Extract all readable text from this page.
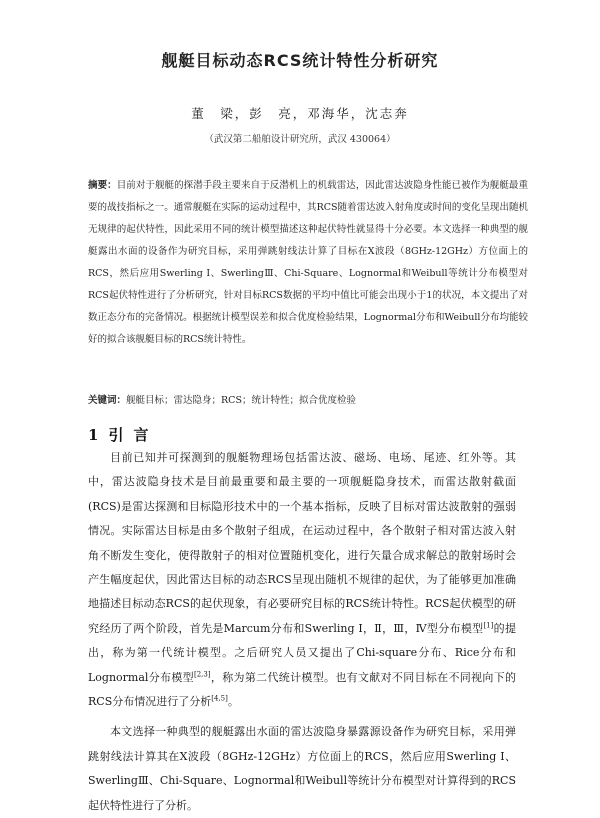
舰艇目标动态RCS统计特性分析研究
董　梁，彭　亮，邓海华，沈志奔
（武汉第二船舶设计研究所，武汉 430064）
摘要：目前对于舰艇的探潜手段主要来自于反潜机上的机载雷达，因此雷达波隐身性能已被作为舰艇最重要的战技指标之一。通常舰艇在实际的运动过程中，其RCS随着雷达波入射角度或时间的变化呈现出随机无规律的起伏特性，因此采用不同的统计模型描述这种起伏特性就显得十分必要。本文选择一种典型的舰艇露出水面的设备作为研究目标，采用弹跳射线法计算了目标在X波段（8GHz-12GHz）方位面上的RCS，然后应用Swerling Ⅰ、SwerlingⅢ、Chi-Square、Lognormal和Weibull等统计分布模型对RCS起伏特性进行了分析研究，针对目标RCS数据的平均中值比可能会出现小于1的状况，本文提出了对数正态分布的完备情况。根据统计模型误差和拟合优度检验结果，Lognormal分布和Weibull分布均能较好的拟合该舰艇目标的RCS统计特性。
关键词：舰艇目标；雷达隐身；RCS；统计特性；拟合优度检验
1 引言

目前已知并可探测到的舰艇物理场包括雷达波、磁场、电场、尾迹、红外等。其中，雷达波隐身技术是目前最重要和最主要的一项舰艇隐身技术，而雷达散射截面(RCS)是雷达探测和目标隐形技术中的一个基本指标，反映了目标对雷达波散射的强弱情况。实际雷达目标是由多个散射子组成，在运动过程中，各个散射子相对雷达波入射角不断发生变化，使得散射子的相对位置随机变化，进行矢量合成求解总的散射场时会产生幅度起伏，因此雷达目标的动态RCS呈现出随机不规律的起伏，为了能够更加准确地描述目标动态RCS的起伏现象，有必要研究目标的RCS统计特性。RCS起伏模型的研究经历了两个阶段，首先是Marcum分布和Swerling Ⅰ，Ⅱ，Ⅲ，Ⅳ型分布模型[1]的提出，称为第一代统计模型。之后研究人员又提出了Chi-square分布、Rice分布和Lognormal分布模型[2,3]，称为第二代统计模型。也有文献对不同目标在不同视向下的RCS分布情况进行了分析[4,5]。

本文选择一种典型的舰艇露出水面的雷达波隐身暴露源设备作为研究目标，采用弹跳射线法计算其在X波段（8GHz-12GHz）方位面上的RCS，然后应用Swerling Ⅰ、SwerlingⅢ、Chi-Square、Lognormal和Weibull等统计分布模型对计算得到的RCS起伏特性进行了分析。
